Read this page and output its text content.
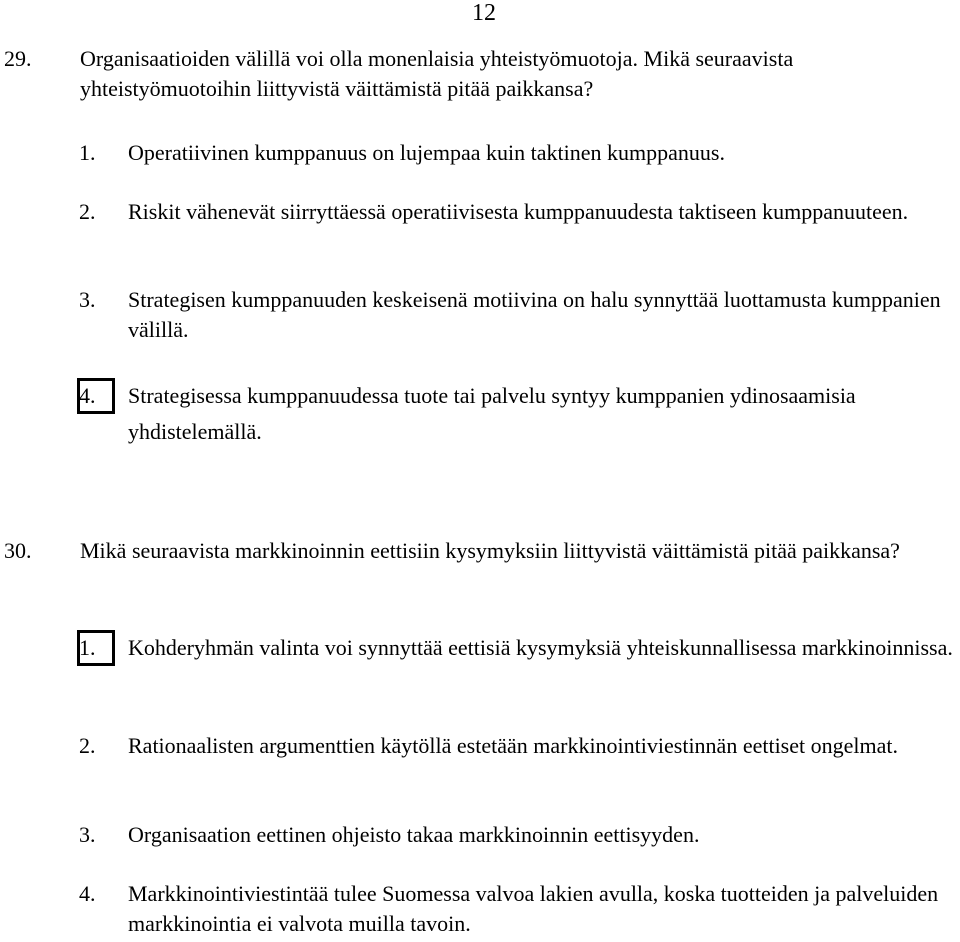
12
29. Organisaatioiden välillä voi olla monenlaisia yhteistyömuotoja. Mikä seuraavista yhteistyömuotoihin liittyvistä väittämistä pitää paikkansa?
1. Operatiivinen kumppanuus on lujempaa kuin taktinen kumppanuus.
2. Riskit vähenevät siirryttäessä operatiivisesta kumppanuudesta taktiseen kumppanuuteen.
3. Strategisen kumppanuuden keskeisenä motiivina on halu synnyttää luottamusta kumppanien välillä.
4. Strategisessa kumppanuudessa tuote tai palvelu syntyy kumppanien ydinosaamisia yhdistelemällä.
30. Mikä seuraavista markkinoinnin eettisiin kysymyksiin liittyvistä väittämistä pitää paikkansa?
1. Kohderyhmän valinta voi synnyttää eettisiä kysymyksiä yhteiskunnallisessa markkinoinnissa.
2. Rationaalisten argumenttien käytöllä estetään markkinointiviestinnän eettiset ongelmat.
3. Organisaation eettinen ohjeisto takaa markkinoinnin eettisyyden.
4. Markkinointiviestintää tulee Suomessa valvoa lakien avulla, koska tuotteiden ja palveluiden markkinointia ei valvota muilla tavoin.
